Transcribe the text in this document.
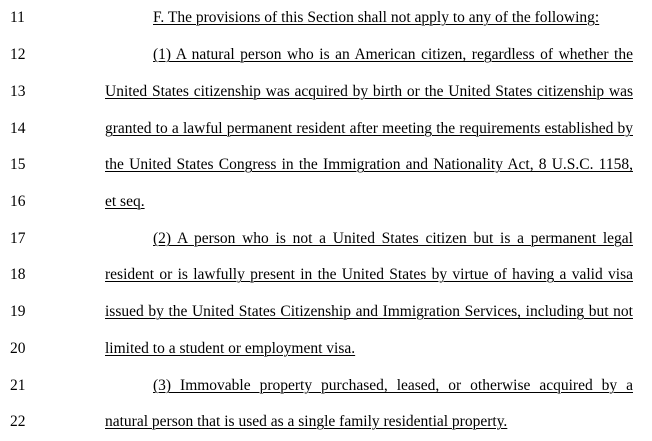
11	F. The provisions of this Section shall not apply to any of the following:
12	(1) A natural person who is an American citizen, regardless of whether the
13	United States citizenship was acquired by birth or the United States citizenship was
14	granted to a lawful permanent resident after meeting the requirements established by
15	the United States Congress in the Immigration and Nationality Act, 8 U.S.C. 1158,
16	et seq.
17	(2) A person who is not a United States citizen but is a permanent legal
18	resident or is lawfully present in the United States by virtue of having a valid visa
19	issued by the United States Citizenship and Immigration Services, including but not
20	limited to a student or employment visa.
21	(3) Immovable property purchased, leased, or otherwise acquired by a
22	natural person that is used as a single family residential property.
